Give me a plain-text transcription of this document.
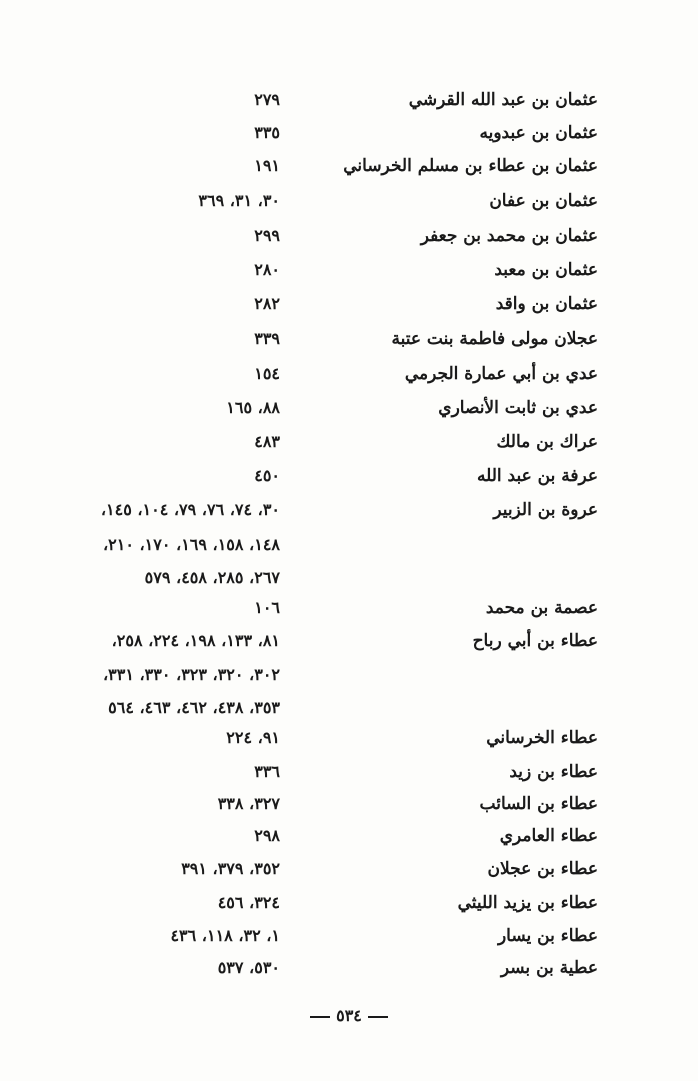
عثمان بن عبد الله القرشي
٢٧٩
عثمان بن عبدويه
٣٣٥
عثمان بن عطاء بن مسلم الخرساني
١٩١
عثمان بن عفان
٣٠، ٣١، ٣٦٩
عثمان بن محمد بن جعفر
٢٩٩
عثمان بن معبد
٢٨٠
عثمان بن واقد
٢٨٢
عجلان مولى فاطمة بنت عتبة
٣٣٩
عدي بن أبي عمارة الجرمي
١٥٤
عدي بن ثابت الأنصاري
٨٨، ١٦٥
عراك بن مالك
٤٨٣
عرفة بن عبد الله
٤٥٠
عروة بن الزبير
٣٠، ٧٤، ٧٦، ٧٩، ١٠٤، ١٤٥،
١٤٨، ١٥٨، ١٦٩، ١٧٠، ٢١٠،
٢٦٧، ٢٨٥، ٤٥٨، ٥٧٩
عصمة بن محمد
١٠٦
عطاء بن أبي رباح
٨١، ١٣٣، ١٩٨، ٢٢٤، ٢٥٨،
٣٠٢، ٣٢٠، ٣٢٣، ٣٣٠، ٣٣١،
٣٥٣، ٤٣٨، ٤٦٢، ٤٦٣، ٥٦٤
عطاء الخرساني
٩١، ٢٢٤
عطاء بن زيد
٣٣٦
عطاء بن السائب
٣٢٧، ٣٣٨
عطاء العامري
٢٩٨
عطاء بن عجلان
٣٥٢، ٣٧٩، ٣٩١
عطاء بن يزيد الليثي
٣٢٤، ٤٥٦
عطاء بن يسار
١، ٣٢، ١١٨، ٤٣٦
عطية بن بسر
٥٣٠، ٥٣٧
٥٣٤
